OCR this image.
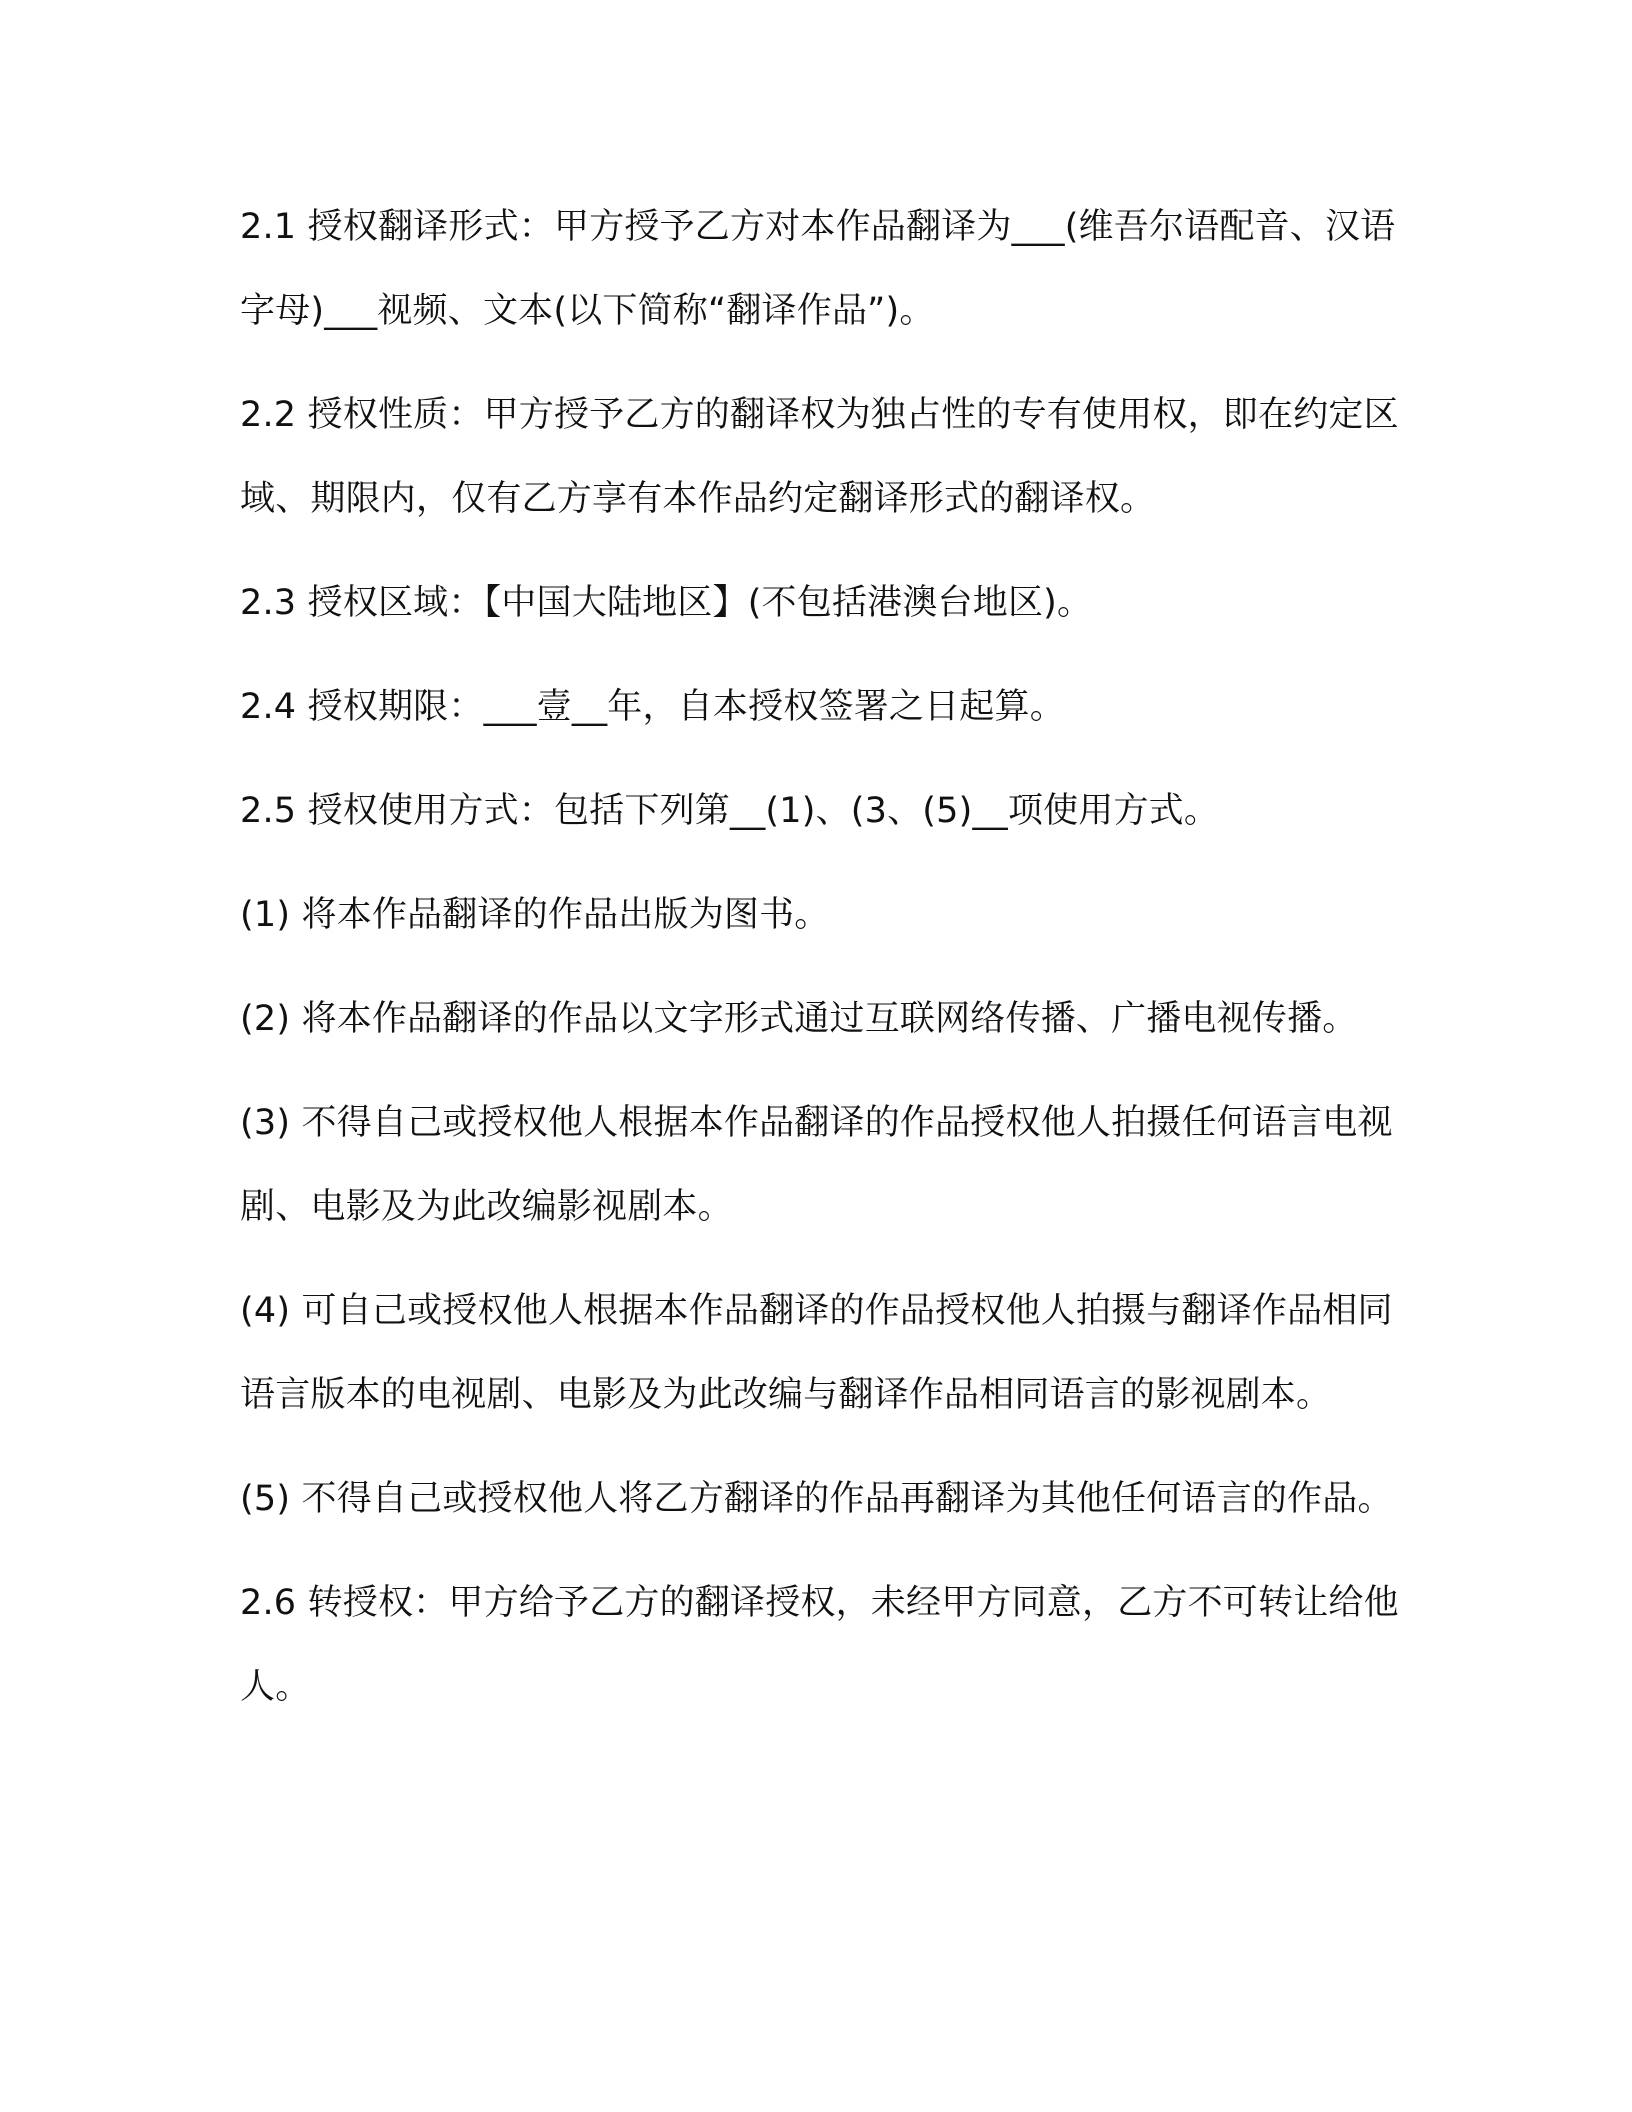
2.1 授权翻译形式：甲方授予乙方对本作品翻译为___(维吾尔语配音、汉语字母)___视频、文本(以下简称“翻译作品”)。

2.2 授权性质：甲方授予乙方的翻译权为独占性的专有使用权，即在约定区域、期限内，仅有乙方享有本作品约定翻译形式的翻译权。

2.3 授权区域：【中国大陆地区】(不包括港澳台地区)。

2.4 授权期限：___壹__年，自本授权签署之日起算。

2.5 授权使用方式：包括下列第__(1)、(3、(5)__项使用方式。

(1) 将本作品翻译的作品出版为图书。

(2) 将本作品翻译的作品以文字形式通过互联网络传播、广播电视传播。

(3) 不得自己或授权他人根据本作品翻译的作品授权他人拍摄任何语言电视剧、电影及为此改编影视剧本。

(4) 可自己或授权他人根据本作品翻译的作品授权他人拍摄与翻译作品相同语言版本的电视剧、电影及为此改编与翻译作品相同语言的影视剧本。

(5) 不得自己或授权他人将乙方翻译的作品再翻译为其他任何语言的作品。

2.6 转授权：甲方给予乙方的翻译授权，未经甲方同意，乙方不可转让给他人。
